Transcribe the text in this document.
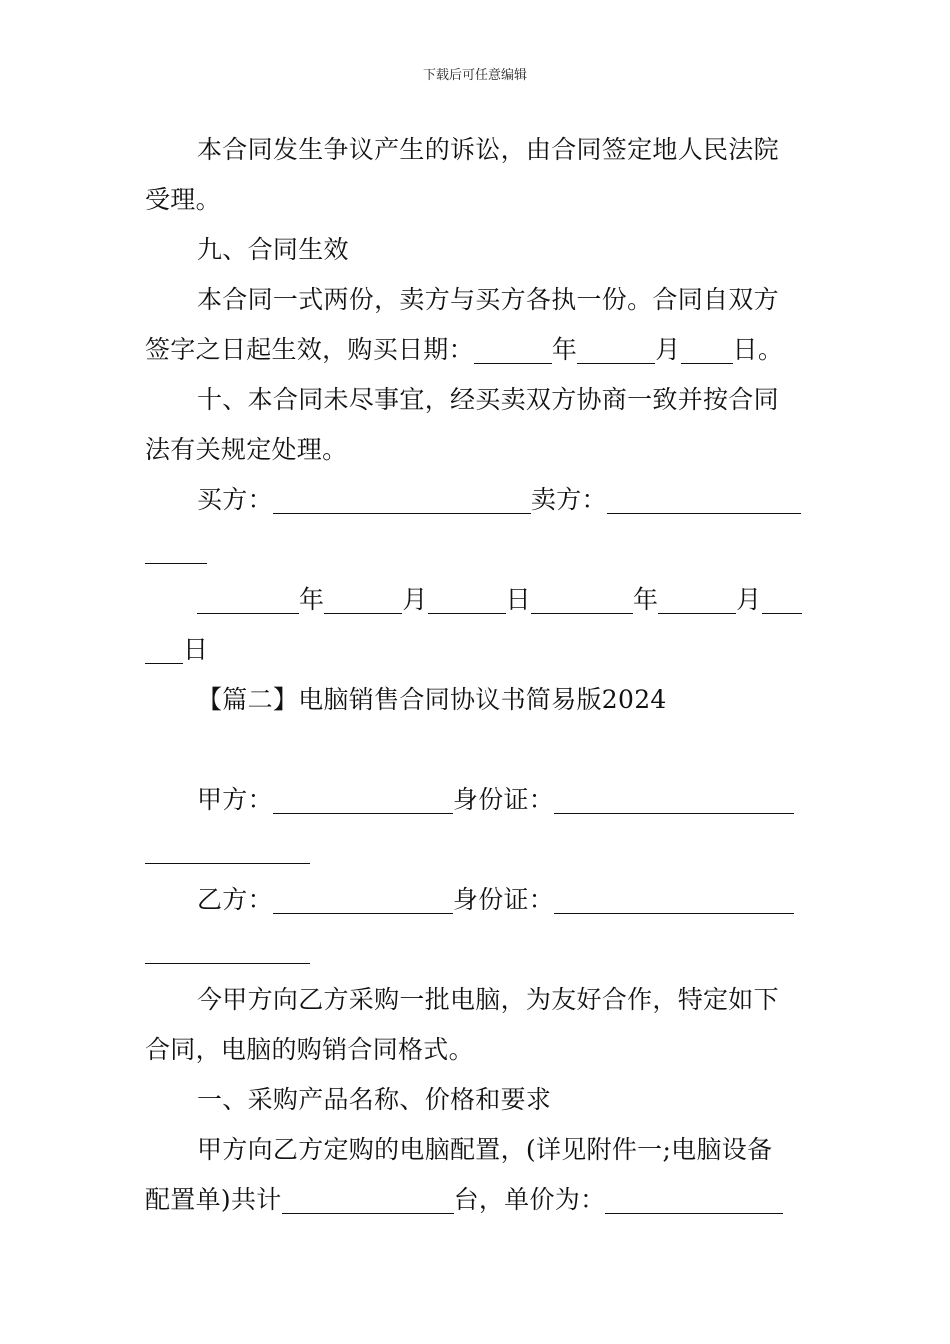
下载后可任意编辑
本合同发生争议产生的诉讼，由合同签定地人民法院
受理。
九、合同生效
本合同一式两份，卖方与买方各执一份。合同自双方
签字之日起生效，购买日期：	年	月 日。
十、本合同未尽事宜，经买卖双方协商一致并按合同
法有关规定处理。
买方：	卖方：
年	月	日	年	月
日
【篇二】电脑销售合同协议书简易版2024
甲方：	身份证：
乙方：	身份证：
今甲方向乙方采购一批电脑，为友好合作，特定如下
合同，电脑的购销合同格式。
一、采购产品名称、价格和要求
甲方向乙方定购的电脑配置，(详见附件一;电脑设备
配置单)共计	台，单价为：
